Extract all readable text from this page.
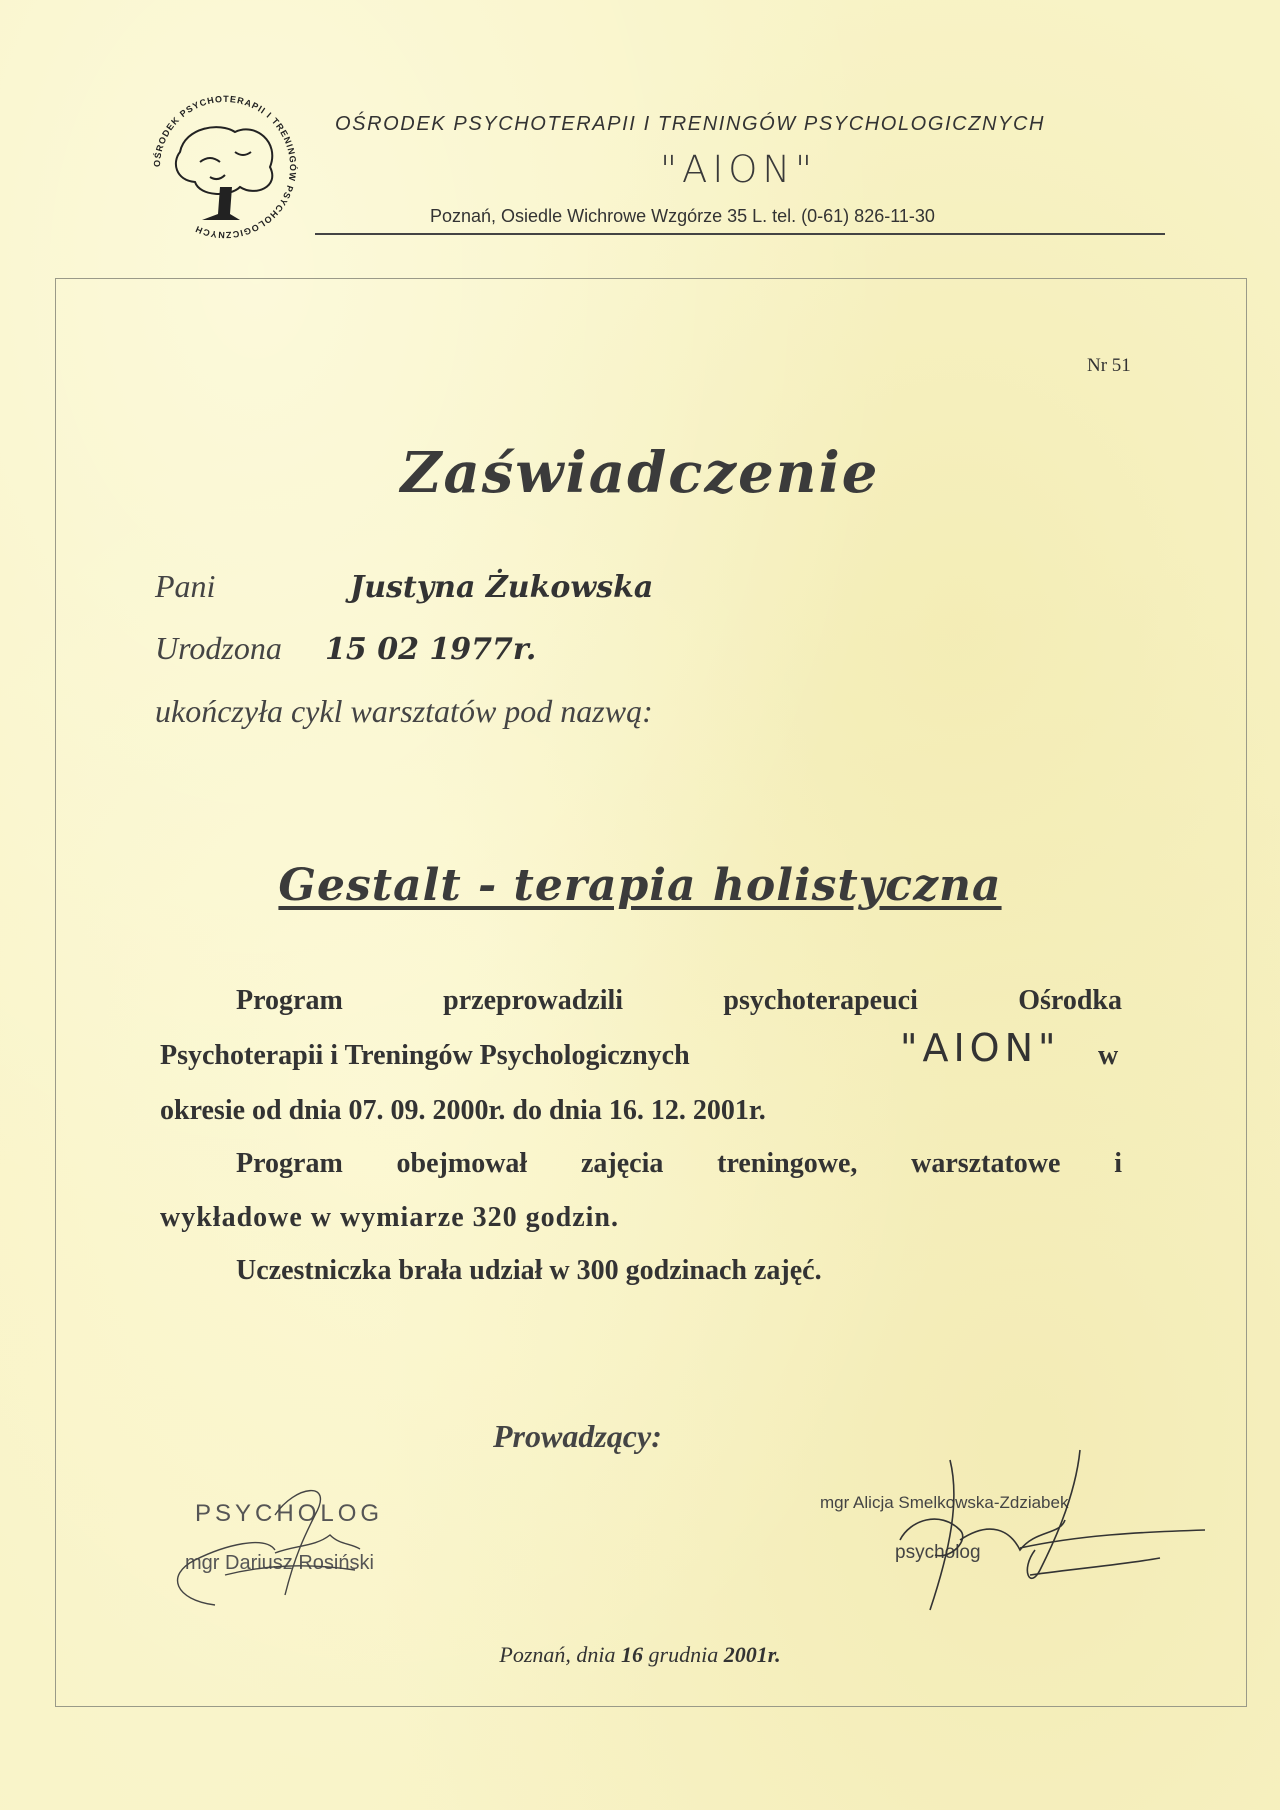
OŚRODEK PSYCHOTERAPII I TRENINGÓW PSYCHOLOGICZNYCH
OŚRODEK PSYCHOTERAPII I TRENINGÓW PSYCHOLOGICZNYCH
"AION"
Poznań, Osiedle Wichrowe Wzgórze 35 L. tel. (0-61) 826-11-30
Nr 51
Zaświadczenie
Pani	Justyna Żukowska
Urodzona 15 02 1977r.
ukończyła cykl warsztatów pod nazwą:
Gestalt - terapia holistyczna
Program	przeprowadzili	psychoterapeuci	Ośrodka
Psychoterapii i Treningów Psychologicznych	"AION" w
okresie od dnia 07. 09. 2000r. do dnia 16. 12. 2001r.
Program obejmował zajęcia treningowe, warsztatowe i
wykładowe w wymiarze 320 godzin.
Uczestniczka brała udział w 300 godzinach zajęć.
Prowadzący:
PSYCHOLOG
mgr Dariusz Rosiński
mgr Alicja Smelkowska-Zdziabek
psycholog
Poznań, dnia 16 grudnia 2001r.
